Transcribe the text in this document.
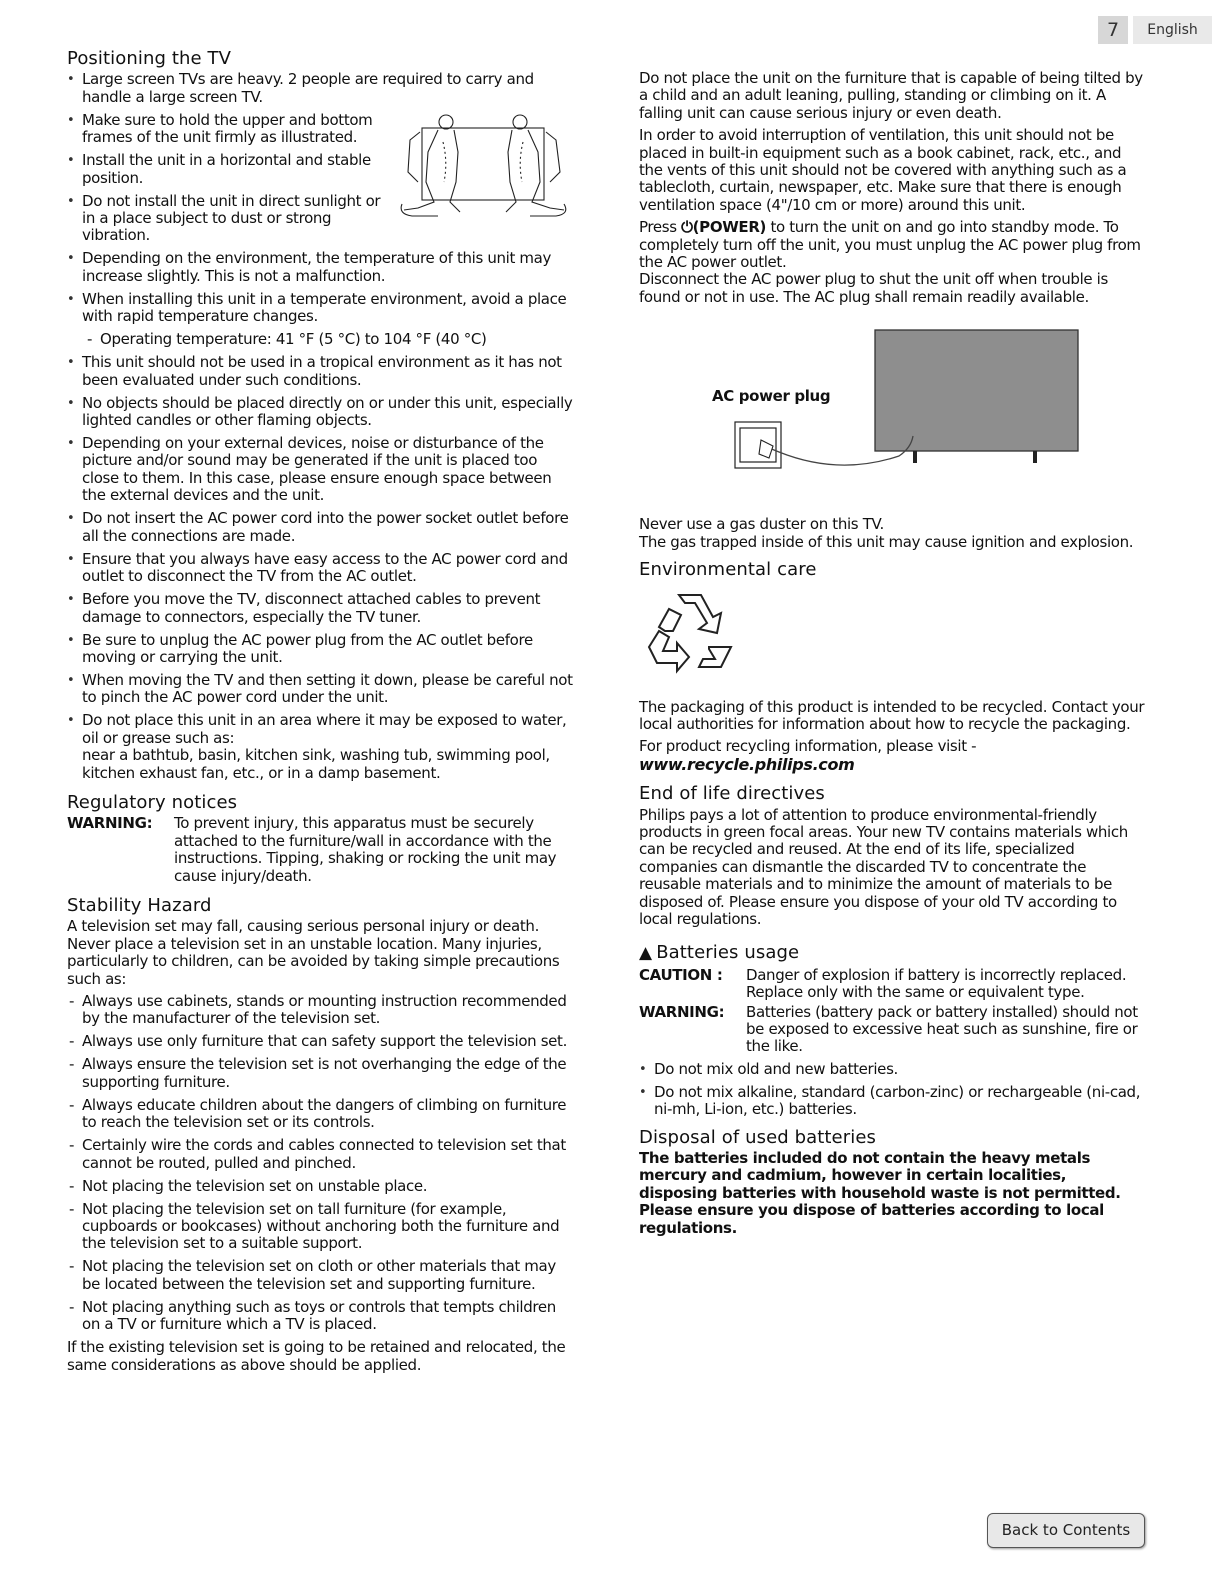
7	English
Positioning the TV
• Large screen TVs are heavy. 2 people are required to carry and handle a large screen TV.
• Make sure to hold the upper and bottom frames of the unit firmly as illustrated.
• Install the unit in a horizontal and stable position.
• Do not install the unit in direct sunlight or in a place subject to dust or strong vibration.
• Depending on the environment, the temperature of this unit may increase slightly. This is not a malfunction.
• When installing this unit in a temperate environment, avoid a place with rapid temperature changes.
- Operating temperature: 41 °F (5 °C) to 104 °F (40 °C)
• This unit should not be used in a tropical environment as it has not been evaluated under such conditions.
• No objects should be placed directly on or under this unit, especially lighted candles or other flaming objects.
• Depending on your external devices, noise or disturbance of the picture and/or sound may be generated if the unit is placed too close to them. In this case, please ensure enough space between the external devices and the unit.
• Do not insert the AC power cord into the power socket outlet before all the connections are made.
• Ensure that you always have easy access to the AC power cord and outlet to disconnect the TV from the AC outlet.
• Before you move the TV, disconnect attached cables to prevent damage to connectors, especially the TV tuner.
• Be sure to unplug the AC power plug from the AC outlet before moving or carrying the unit.
• When moving the TV and then setting it down, please be careful not to pinch the AC power cord under the unit.
• Do not place this unit in an area where it may be exposed to water, oil or grease such as:
near a bathtub, basin, kitchen sink, washing tub, swimming pool, kitchen exhaust fan, etc., or in a damp basement.
Regulatory notices
WARNING:	To prevent injury, this apparatus must be securely attached to the furniture/wall in accordance with the instructions. Tipping, shaking or rocking the unit may cause injury/death.
Stability Hazard
A television set may fall, causing serious personal injury or death.

Never place a television set in an unstable location. Many injuries, particularly to children, can be avoided by taking simple precautions such as:

- Always use cabinets, stands or mounting instruction recommended by the manufacturer of the television set.
- Always use only furniture that can safety support the television set.
- Always ensure the television set is not overhanging the edge of the supporting furniture.
- Always educate children about the dangers of climbing on furniture to reach the television set or its controls.
- Certainly wire the cords and cables connected to television set that cannot be routed, pulled and pinched.
- Not placing the television set on unstable place.
- Not placing the television set on tall furniture (for example, cupboards or bookcases) without anchoring both the furniture and the television set to a suitable support.
- Not placing the television set on cloth or other materials that may be located between the television set and supporting furniture.
- Not placing anything such as toys or controls that tempts children on a TV or furniture which a TV is placed.
If the existing television set is going to be retained and relocated, the same considerations as above should be applied.

Do not place the unit on the furniture that is capable of being tilted by a child and an adult leaning, pulling, standing or climbing on it. A falling unit can cause serious injury or even death.

In order to avoid interruption of ventilation, this unit should not be placed in built-in equipment such as a book cabinet, rack, etc., and the vents of this unit should not be covered with anything such as a tablecloth, curtain, newspaper, etc. Make sure that there is enough ventilation space (4"/10 cm or more) around this unit.

Press ⏻(POWER) to turn the unit on and go into standby mode. To completely turn off the unit, you must unplug the AC power plug from the AC power outlet.

Disconnect the AC power plug to shut the unit off when trouble is found or not in use. The AC plug shall remain readily available.

AC power plug
Never use a gas duster on this TV.

The gas trapped inside of this unit may cause ignition and explosion.

Environmental care

The packaging of this product is intended to be recycled. Contact your local authorities for information about how to recycle the packaging.

For product recycling information, please visit -
www.recycle.philips.com
End of life directives

Philips pays a lot of attention to produce environmental-friendly products in green focal areas. Your new TV contains materials which can be recycled and reused. At the end of its life, specialized companies can dismantle the discarded TV to concentrate the reusable materials and to minimize the amount of materials to be disposed of. Please ensure you dispose of your old TV according to local regulations.

▲ Batteries usage
CAUTION :	Danger of explosion if battery is incorrectly replaced. Replace only with the same or equivalent type.
WARNING:	Batteries (battery pack or battery installed) should not be exposed to excessive heat such as sunshine, fire or the like.
• Do not mix old and new batteries.
• Do not mix alkaline, standard (carbon-zinc) or rechargeable (ni-cad, ni-mh, Li-ion, etc.) batteries.
Disposal of used batteries
The batteries included do not contain the heavy metals mercury and cadmium, however in certain localities, disposing batteries with household waste is not permitted. Please ensure you dispose of batteries according to local regulations.
Back to Contents
